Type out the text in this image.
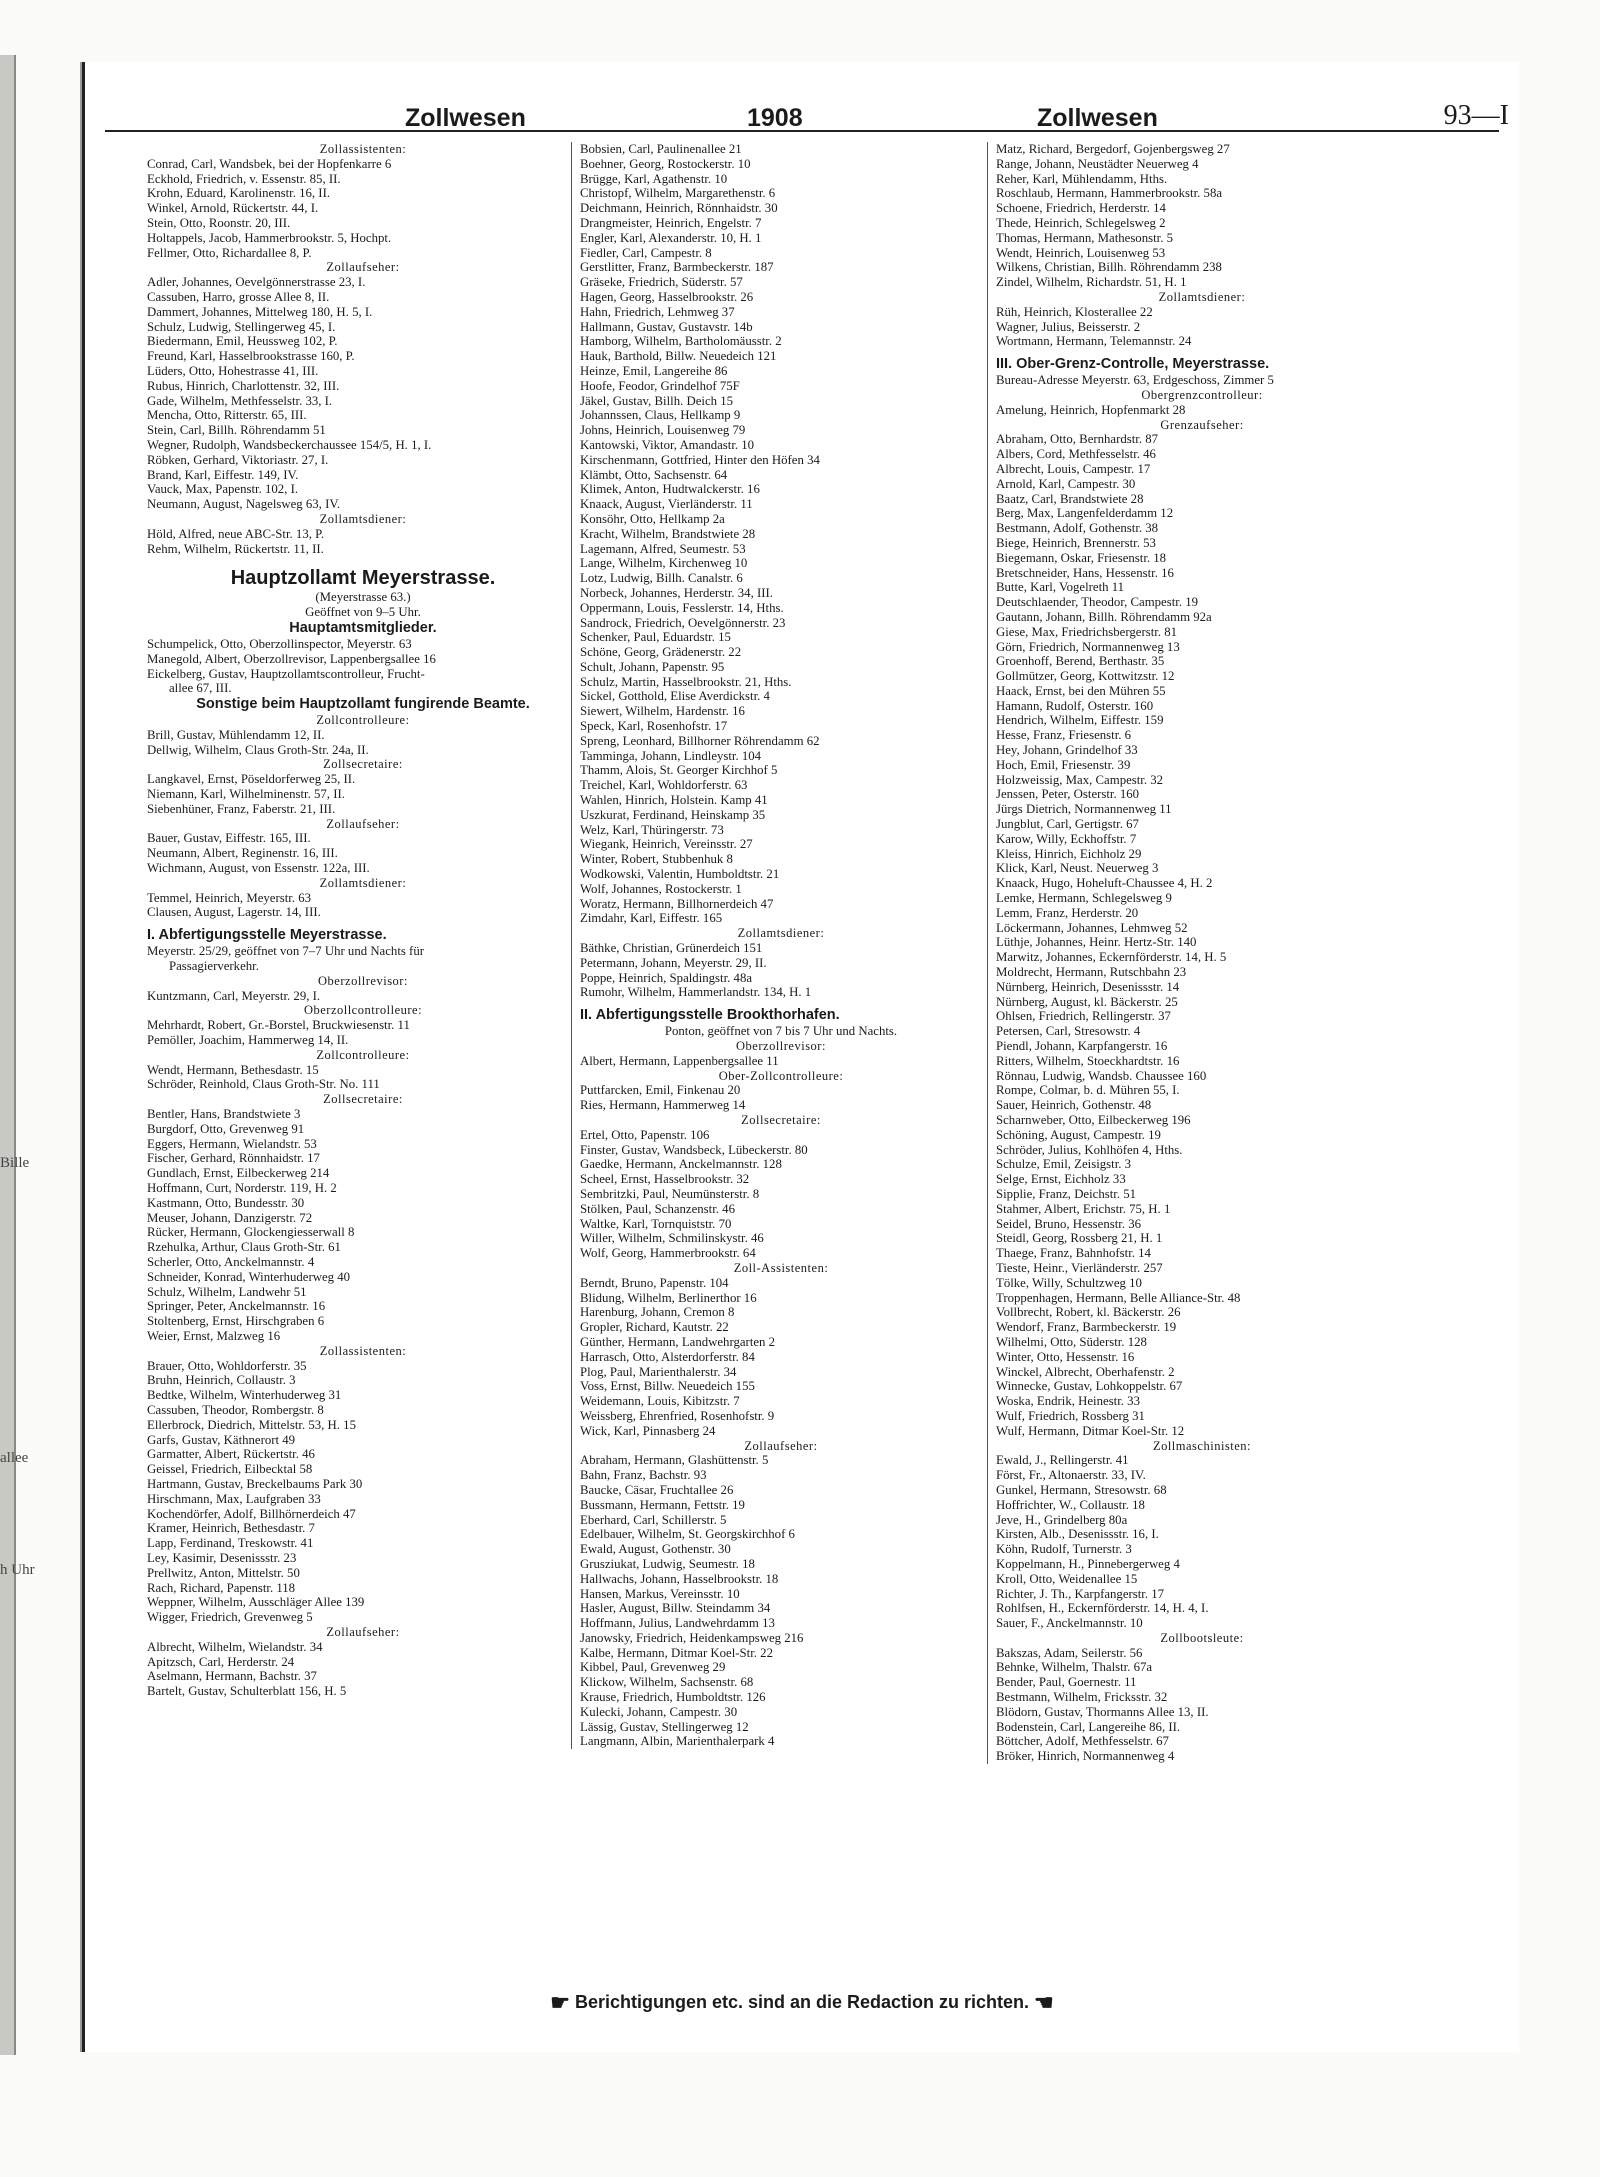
Bille
allee
h Uhr
Zollwesen	1908	Zollwesen	93—I
Zollassistenten:
Conrad, Carl, Wandsbek, bei der Hopfenkarre 6
Eckhold, Friedrich, v. Essenstr. 85, II.
Krohn, Eduard, Karolinenstr. 16, II.
Winkel, Arnold, Rückertstr. 44, I.
Stein, Otto, Roonstr. 20, III.
Holtappels, Jacob, Hammerbrookstr. 5, Hochpt.
Fellmer, Otto, Richardallee 8, P.
Zollaufseher:
Adler, Johannes, Oevelgönnerstrasse 23, I.
Cassuben, Harro, grosse Allee 8, II.
Dammert, Johannes, Mittelweg 180, H. 5, I.
Schulz, Ludwig, Stellingerweg 45, I.
Biedermann, Emil, Heussweg 102, P.
Freund, Karl, Hasselbrookstrasse 160, P.
Lüders, Otto, Hohestrasse 41, III.
Rubus, Hinrich, Charlottenstr. 32, III.
Gade, Wilhelm, Methfesselstr. 33, I.
Mencha, Otto, Ritterstr. 65, III.
Stein, Carl, Billh. Röhrendamm 51
Wegner, Rudolph, Wandsbeckerchaussee 154/5, H. 1, I.
Röbken, Gerhard, Viktoriastr. 27, I.
Brand, Karl, Eiffestr. 149, IV.
Vauck, Max, Papenstr. 102, I.
Neumann, August, Nagelsweg 63, IV.
Zollamtsdiener:
Höld, Alfred, neue ABC-Str. 13, P.
Rehm, Wilhelm, Rückertstr. 11, II.
Hauptzollamt Meyerstrasse.
(Meyerstrasse 63.)
Geöffnet von 9–5 Uhr.
Hauptamtsmitglieder.
Schumpelick, Otto, Oberzollinspector, Meyerstr. 63
Manegold, Albert, Oberzollrevisor, Lappenbergsallee 16
Eickelberg, Gustav, Hauptzollamtscontrolleur, Frucht-
allee 67, III.
Sonstige beim Hauptzollamt fungirende Beamte.
Zollcontrolleure:
Brill, Gustav, Mühlendamm 12, II.
Dellwig, Wilhelm, Claus Groth-Str. 24a, II.
Zollsecretaire:
Langkavel, Ernst, Pöseldorferweg 25, II.
Niemann, Karl, Wilhelminenstr. 57, II.
Siebenhüner, Franz, Faberstr. 21, III.
Zollaufseher:
Bauer, Gustav, Eiffestr. 165, III.
Neumann, Albert, Reginenstr. 16, III.
Wichmann, August, von Essenstr. 122a, III.
Zollamtsdiener:
Temmel, Heinrich, Meyerstr. 63
Clausen, August, Lagerstr. 14, III.
I. Abfertigungsstelle Meyerstrasse.
Meyerstr. 25/29, geöffnet von 7–7 Uhr und Nachts für
Passagierverkehr.
Oberzollrevisor:
Kuntzmann, Carl, Meyerstr. 29, I.
Oberzollcontrolleure:
Mehrhardt, Robert, Gr.-Borstel, Bruckwiesenstr. 11
Pemöller, Joachim, Hammerweg 14, II.
Zollcontrolleure:
Wendt, Hermann, Bethesdastr. 15
Schröder, Reinhold, Claus Groth-Str. No. 111
Zollsecretaire:
Bentler, Hans, Brandstwiete 3
Burgdorf, Otto, Grevenweg 91
Eggers, Hermann, Wielandstr. 53
Fischer, Gerhard, Rönnhaidstr. 17
Gundlach, Ernst, Eilbeckerweg 214
Hoffmann, Curt, Norderstr. 119, H. 2
Kastmann, Otto, Bundesstr. 30
Meuser, Johann, Danzigerstr. 72
Rücker, Hermann, Glockengiesserwall 8
Rzehulka, Arthur, Claus Groth-Str. 61
Scherler, Otto, Anckelmannstr. 4
Schneider, Konrad, Winterhuderweg 40
Schulz, Wilhelm, Landwehr 51
Springer, Peter, Anckelmannstr. 16
Stoltenberg, Ernst, Hirschgraben 6
Weier, Ernst, Malzweg 16
Zollassistenten:
Brauer, Otto, Wohldorferstr. 35
Bruhn, Heinrich, Collaustr. 3
Bedtke, Wilhelm, Winterhuderweg 31
Cassuben, Theodor, Rombergstr. 8
Ellerbrock, Diedrich, Mittelstr. 53, H. 15
Garfs, Gustav, Käthnerort 49
Garmatter, Albert, Rückertstr. 46
Geissel, Friedrich, Eilbecktal 58
Hartmann, Gustav, Breckelbaums Park 30
Hirschmann, Max, Laufgraben 33
Kochendörfer, Adolf, Billhörnerdeich 47
Kramer, Heinrich, Bethesdastr. 7
Lapp, Ferdinand, Treskowstr. 41
Ley, Kasimir, Desenissstr. 23
Prellwitz, Anton, Mittelstr. 50
Rach, Richard, Papenstr. 118
Weppner, Wilhelm, Ausschläger Allee 139
Wigger, Friedrich, Grevenweg 5
Zollaufseher:
Albrecht, Wilhelm, Wielandstr. 34
Apitzsch, Carl, Herderstr. 24
Aselmann, Hermann, Bachstr. 37
Bartelt, Gustav, Schulterblatt 156, H. 5
Bobsien, Carl, Paulinenallee 21
Boehner, Georg, Rostockerstr. 10
Brügge, Karl, Agathenstr. 10
Christopf, Wilhelm, Margarethenstr. 6
Deichmann, Heinrich, Rönnhaidstr. 30
Drangmeister, Heinrich, Engelstr. 7
Engler, Karl, Alexanderstr. 10, H. 1
Fiedler, Carl, Campestr. 8
Gerstlitter, Franz, Barmbeckerstr. 187
Gräseke, Friedrich, Süderstr. 57
Hagen, Georg, Hasselbrookstr. 26
Hahn, Friedrich, Lehmweg 37
Hallmann, Gustav, Gustavstr. 14b
Hamborg, Wilhelm, Bartholomäusstr. 2
Hauk, Barthold, Billw. Neuedeich 121
Heinze, Emil, Langereihe 86
Hoofe, Feodor, Grindelhof 75F
Jäkel, Gustav, Billh. Deich 15
Johannssen, Claus, Hellkamp 9
Johns, Heinrich, Louisenweg 79
Kantowski, Viktor, Amandastr. 10
Kirschenmann, Gottfried, Hinter den Höfen 34
Klämbt, Otto, Sachsenstr. 64
Klimek, Anton, Hudtwalckerstr. 16
Knaack, August, Vierländerstr. 11
Konsöhr, Otto, Hellkamp 2a
Kracht, Wilhelm, Brandstwiete 28
Lagemann, Alfred, Seumestr. 53
Lange, Wilhelm, Kirchenweg 10
Lotz, Ludwig, Billh. Canalstr. 6
Norbeck, Johannes, Herderstr. 34, III.
Oppermann, Louis, Fesslerstr. 14, Hths.
Sandrock, Friedrich, Oevelgönnerstr. 23
Schenker, Paul, Eduardstr. 15
Schöne, Georg, Grädenerstr. 22
Schult, Johann, Papenstr. 95
Schulz, Martin, Hasselbrookstr. 21, Hths.
Sickel, Gotthold, Elise Averdickstr. 4
Siewert, Wilhelm, Hardenstr. 16
Speck, Karl, Rosenhofstr. 17
Spreng, Leonhard, Billhorner Röhrendamm 62
Tamminga, Johann, Lindleystr. 104
Thamm, Alois, St. Georger Kirchhof 5
Treichel, Karl, Wohldorferstr. 63
Wahlen, Hinrich, Holstein. Kamp 41
Uszkurat, Ferdinand, Heinskamp 35
Welz, Karl, Thüringerstr. 73
Wiegank, Heinrich, Vereinsstr. 27
Winter, Robert, Stubbenhuk 8
Wodkowski, Valentin, Humboldtstr. 21
Wolf, Johannes, Rostockerstr. 1
Woratz, Hermann, Billhornerdeich 47
Zimdahr, Karl, Eiffestr. 165
Zollamtsdiener:
Bäthke, Christian, Grünerdeich 151
Petermann, Johann, Meyerstr. 29, II.
Poppe, Heinrich, Spaldingstr. 48a
Rumohr, Wilhelm, Hammerlandstr. 134, H. 1
II. Abfertigungsstelle Brookthorhafen.
Ponton, geöffnet von 7 bis 7 Uhr und Nachts.
Oberzollrevisor:
Albert, Hermann, Lappenbergsallee 11
Ober-Zollcontrolleure:
Puttfarcken, Emil, Finkenau 20
Ries, Hermann, Hammerweg 14
Zollsecretaire:
Ertel, Otto, Papenstr. 106
Finster, Gustav, Wandsbeck, Lübeckerstr. 80
Gaedke, Hermann, Anckelmannstr. 128
Scheel, Ernst, Hasselbrookstr. 32
Sembritzki, Paul, Neumünsterstr. 8
Stölken, Paul, Schanzenstr. 46
Waltke, Karl, Tornquiststr. 70
Willer, Wilhelm, Schmilinskystr. 46
Wolf, Georg, Hammerbrookstr. 64
Zoll-Assistenten:
Berndt, Bruno, Papenstr. 104
Blidung, Wilhelm, Berlinerthor 16
Harenburg, Johann, Cremon 8
Gropler, Richard, Kautstr. 22
Günther, Hermann, Landwehrgarten 2
Harrasch, Otto, Alsterdorferstr. 84
Plog, Paul, Marienthalerstr. 34
Voss, Ernst, Billw. Neuedeich 155
Weidemann, Louis, Kibitzstr. 7
Weissberg, Ehrenfried, Rosenhofstr. 9
Wick, Karl, Pinnasberg 24
Zollaufseher:
Abraham, Hermann, Glashüttenstr. 5
Bahn, Franz, Bachstr. 93
Baucke, Cäsar, Fruchtallee 26
Bussmann, Hermann, Fettstr. 19
Eberhard, Carl, Schillerstr. 5
Edelbauer, Wilhelm, St. Georgskirchhof 6
Ewald, August, Gothenstr. 30
Grusziukat, Ludwig, Seumestr. 18
Hallwachs, Johann, Hasselbrookstr. 18
Hansen, Markus, Vereinsstr. 10
Hasler, August, Billw. Steindamm 34
Hoffmann, Julius, Landwehrdamm 13
Janowsky, Friedrich, Heidenkampsweg 216
Kalbe, Hermann, Ditmar Koel-Str. 22
Kibbel, Paul, Grevenweg 29
Klickow, Wilhelm, Sachsenstr. 68
Krause, Friedrich, Humboldtstr. 126
Kulecki, Johann, Campestr. 30
Lässig, Gustav, Stellingerweg 12
Langmann, Albin, Marienthalerpark 4
Matz, Richard, Bergedorf, Gojenbergsweg 27
Range, Johann, Neustädter Neuerweg 4
Reher, Karl, Mühlendamm, Hths.
Roschlaub, Hermann, Hammerbrookstr. 58a
Schoene, Friedrich, Herderstr. 14
Thede, Heinrich, Schlegelsweg 2
Thomas, Hermann, Mathesonstr. 5
Wendt, Heinrich, Louisenweg 53
Wilkens, Christian, Billh. Röhrendamm 238
Zindel, Wilhelm, Richardstr. 51, H. 1
Zollamtsdiener:
Rüh, Heinrich, Klosterallee 22
Wagner, Julius, Beisserstr. 2
Wortmann, Hermann, Telemannstr. 24
III. Ober-Grenz-Controlle, Meyerstrasse.
Bureau-Adresse Meyerstr. 63, Erdgeschoss, Zimmer 5
Obergrenzcontrolleur:
Amelung, Heinrich, Hopfenmarkt 28
Grenzaufseher:
Abraham, Otto, Bernhardstr. 87
Albers, Cord, Methfesselstr. 46
Albrecht, Louis, Campestr. 17
Arnold, Karl, Campestr. 30
Baatz, Carl, Brandstwiete 28
Berg, Max, Langenfelderdamm 12
Bestmann, Adolf, Gothenstr. 38
Biege, Heinrich, Brennerstr. 53
Biegemann, Oskar, Friesenstr. 18
Bretschneider, Hans, Hessenstr. 16
Butte, Karl, Vogelreth 11
Deutschlaender, Theodor, Campestr. 19
Gautann, Johann, Billh. Röhrendamm 92a
Giese, Max, Friedrichsbergerstr. 81
Görn, Friedrich, Normannenweg 13
Groenhoff, Berend, Berthastr. 35
Gollmützer, Georg, Kottwitzstr. 12
Haack, Ernst, bei den Mühren 55
Hamann, Rudolf, Osterstr. 160
Hendrich, Wilhelm, Eiffestr. 159
Hesse, Franz, Friesenstr. 6
Hey, Johann, Grindelhof 33
Hoch, Emil, Friesenstr. 39
Holzweissig, Max, Campestr. 32
Jenssen, Peter, Osterstr. 160
Jürgs Dietrich, Normannenweg 11
Jungblut, Carl, Gertigstr. 67
Karow, Willy, Eckhoffstr. 7
Kleiss, Hinrich, Eichholz 29
Klick, Karl, Neust. Neuerweg 3
Knaack, Hugo, Hoheluft-Chaussee 4, H. 2
Lemke, Hermann, Schlegelsweg 9
Lemm, Franz, Herderstr. 20
Löckermann, Johannes, Lehmweg 52
Lüthje, Johannes, Heinr. Hertz-Str. 140
Marwitz, Johannes, Eckernförderstr. 14, H. 5
Moldrecht, Hermann, Rutschbahn 23
Nürnberg, Heinrich, Desenissstr. 14
Nürnberg, August, kl. Bäckerstr. 25
Ohlsen, Friedrich, Rellingerstr. 37
Petersen, Carl, Stresowstr. 4
Piendl, Johann, Karpfangerstr. 16
Ritters, Wilhelm, Stoeckhardtstr. 16
Rönnau, Ludwig, Wandsb. Chaussee 160
Rompe, Colmar, b. d. Mühren 55, I.
Sauer, Heinrich, Gothenstr. 48
Scharnweber, Otto, Eilbeckerweg 196
Schöning, August, Campestr. 19
Schröder, Julius, Kohlhöfen 4, Hths.
Schulze, Emil, Zeisigstr. 3
Selge, Ernst, Eichholz 33
Sipplie, Franz, Deichstr. 51
Stahmer, Albert, Erichstr. 75, H. 1
Seidel, Bruno, Hessenstr. 36
Steidl, Georg, Rossberg 21, H. 1
Thaege, Franz, Bahnhofstr. 14
Tieste, Heinr., Vierländerstr. 257
Tölke, Willy, Schultzweg 10
Troppenhagen, Hermann, Belle Alliance-Str. 48
Vollbrecht, Robert, kl. Bäckerstr. 26
Wendorf, Franz, Barmbeckerstr. 19
Wilhelmi, Otto, Süderstr. 128
Winter, Otto, Hessenstr. 16
Winckel, Albrecht, Oberhafenstr. 2
Winnecke, Gustav, Lohkoppelstr. 67
Woska, Endrik, Heinestr. 33
Wulf, Friedrich, Rossberg 31
Wulf, Hermann, Ditmar Koel-Str. 12
Zollmaschinisten:
Ewald, J., Rellingerstr. 41
Först, Fr., Altonaerstr. 33, IV.
Gunkel, Hermann, Stresowstr. 68
Hoffrichter, W., Collaustr. 18
Jeve, H., Grindelberg 80a
Kirsten, Alb., Desenissstr. 16, I.
Köhn, Rudolf, Turnerstr. 3
Koppelmann, H., Pinnebergerweg 4
Kroll, Otto, Weidenallee 15
Richter, J. Th., Karpfangerstr. 17
Rohlfsen, H., Eckernförderstr. 14, H. 4, I.
Sauer, F., Anckelmannstr. 10
Zollbootsleute:
Bakszas, Adam, Seilerstr. 56
Behnke, Wilhelm, Thalstr. 67a
Bender, Paul, Goernestr. 11
Bestmann, Wilhelm, Fricksstr. 32
Blödorn, Gustav, Thormanns Allee 13, II.
Bodenstein, Carl, Langereihe 86, II.
Böttcher, Adolf, Methfesselstr. 67
Bröker, Hinrich, Normannenweg 4
☛ Berichtigungen etc. sind an die Redaction zu richten. ☚
